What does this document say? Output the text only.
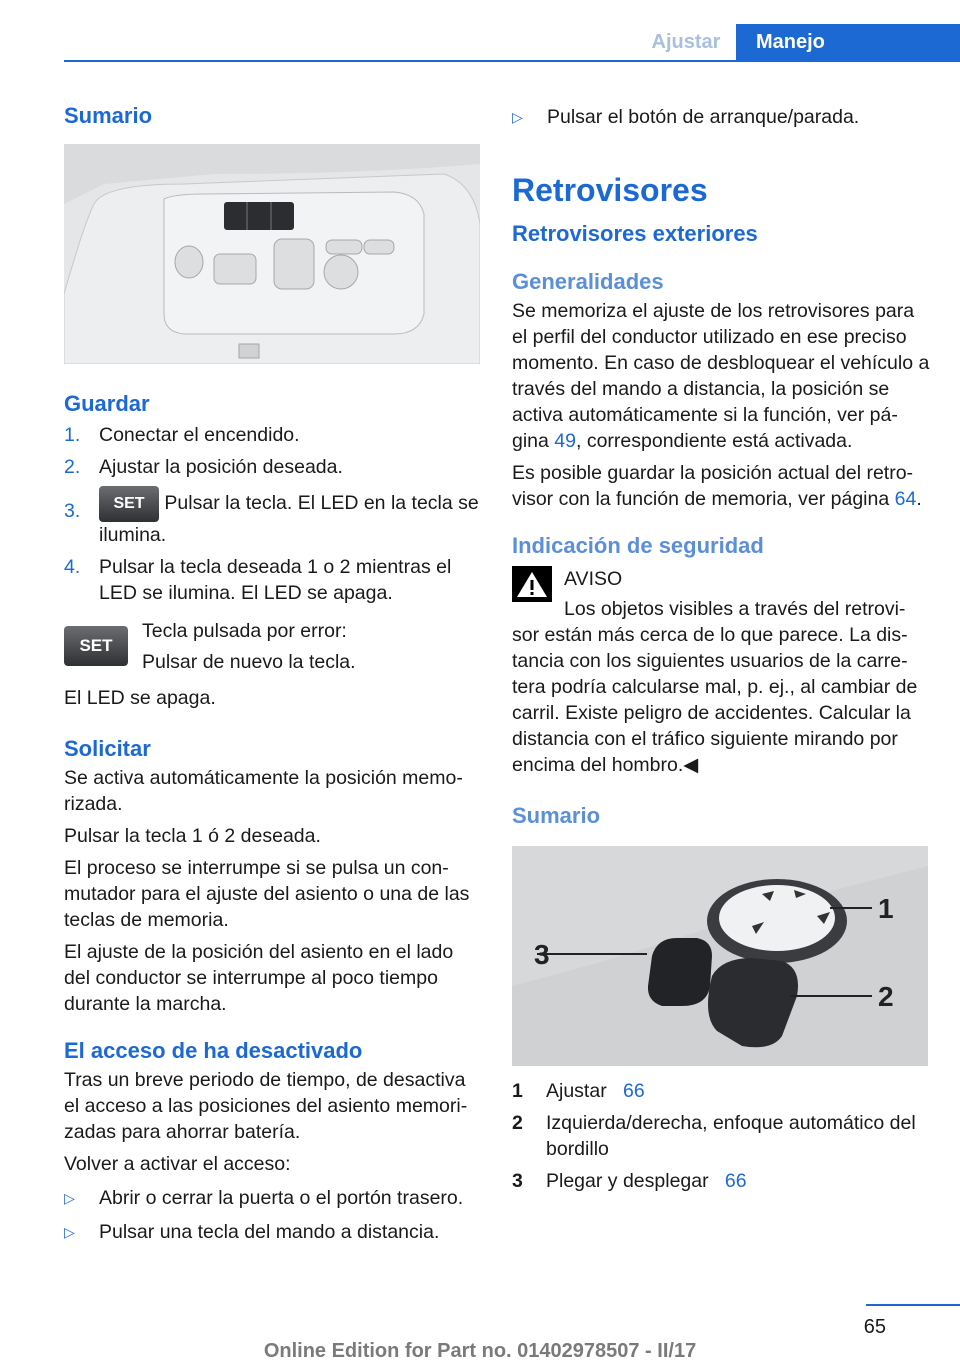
Ajustar	Manejo
Sumario
Guardar
1. Conectar el encendido.
2. Ajustar la posición deseada.
3.	SET Pulsar la tecla. El LED en la tecla se ilumina.
4. Pulsar la tecla deseada 1 o 2 mientras el LED se ilumina. El LED se apaga.
SET

Tecla pulsada por error:

Pulsar de nuevo la tecla.

El LED se apaga.

Solicitar

Se activa automáticamente la posición memo‐rizada.

Pulsar la tecla 1 ó 2 deseada.

El proceso se interrumpe si se pulsa un con‐mutador para el ajuste del asiento o una de las teclas de memoria.

El ajuste de la posición del asiento en el lado del conductor se interrumpe al poco tiempo durante la marcha.

El acceso de ha desactivado

Tras un breve periodo de tiempo, de desactiva el acceso a las posiciones del asiento memori‐zadas para ahorrar batería.

Volver a activar el acceso:

▷	Abrir o cerrar la puerta o el portón trasero.
▷	Pulsar una tecla del mando a distancia.
▷	Pulsar el botón de arranque/parada.
Retrovisores
Retrovisores exteriores
Generalidades

Se memoriza el ajuste de los retrovisores para el perfil del conductor utilizado en ese preciso momento. En caso de desbloquear el vehículo a través del mando a distancia, la posición se activa automáticamente si la función, ver pá‐gina 49, correspondiente está activada.

Es posible guardar la posición actual del retro‐visor con la función de memoria, ver página 64.

Indicación de seguridad

AVISO

Los objetos visibles a través del retrovi‐sor están más cerca de lo que parece. La dis‐tancia con los siguientes usuarios de la carre‐tera podría calcularse mal, p. ej., al cambiar de carril. Existe peligro de accidentes. Calcular la distancia con el tráfico siguiente mirando por encima del hombro.◀

Sumario
1
2
3
1	Ajustar 66
2	Izquierda/derecha, enfoque automático del bordillo
3	Plegar y desplegar 66
65
Online Edition for Part no. 01402978507 - II/17
